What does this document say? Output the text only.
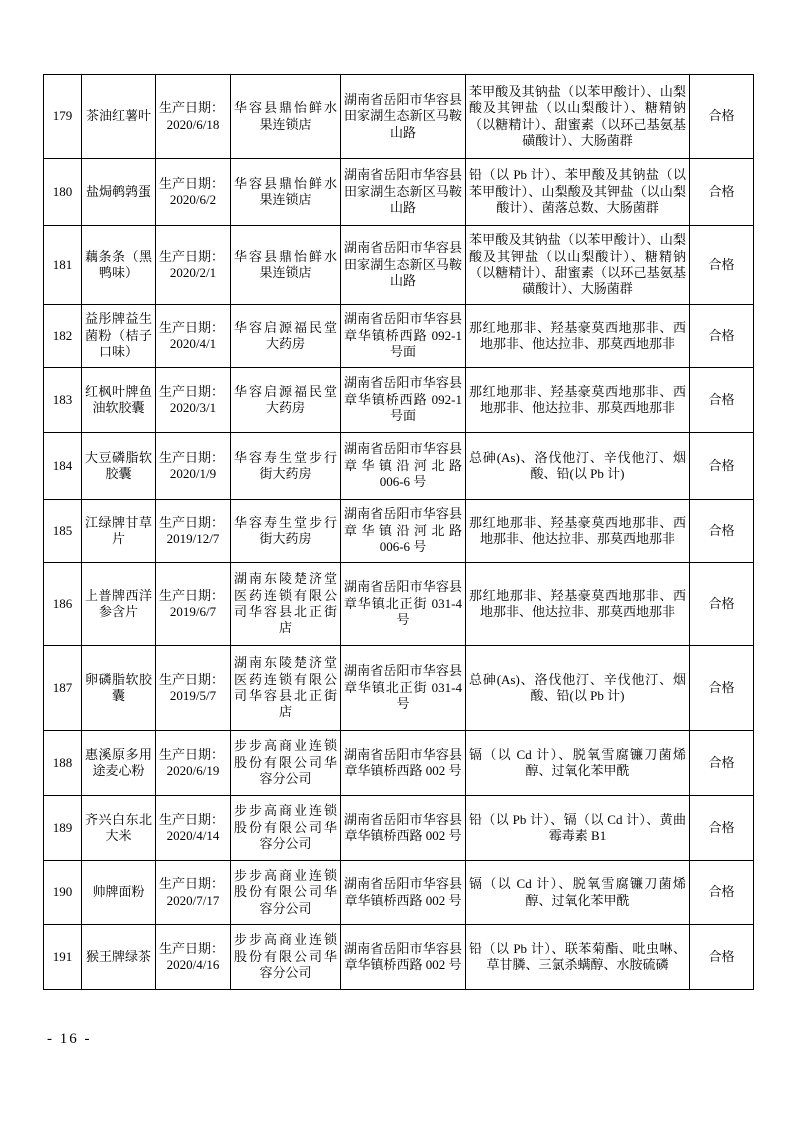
179	茶油红薯叶	生产日期：
2020/6/18	华容县鼎怡鲜水果连锁店	湖南省岳阳市华容县田家湖生态新区马鞍山路	苯甲酸及其钠盐（以苯甲酸计）、山梨酸及其钾盐（以山梨酸计）、糖精钠（以糖精计）、甜蜜素（以环己基氨基磺酸计）、大肠菌群	合格
180	盐焗鹌鹑蛋	生产日期：
2020/6/2	华容县鼎怡鲜水果连锁店	湖南省岳阳市华容县田家湖生态新区马鞍山路	铅（以 Pb 计）、苯甲酸及其钠盐（以苯甲酸计）、山梨酸及其钾盐（以山梨酸计）、菌落总数、大肠菌群	合格
181	藕条条（黑鸭味）	生产日期：
2020/2/1	华容县鼎怡鲜水果连锁店	湖南省岳阳市华容县田家湖生态新区马鞍山路	苯甲酸及其钠盐（以苯甲酸计）、山梨酸及其钾盐（以山梨酸计）、糖精钠（以糖精计）、甜蜜素（以环己基氨基磺酸计）、大肠菌群	合格
182	益彤牌益生菌粉（桔子口味）	生产日期：
2020/4/1	华容启源福民堂大药房	湖南省岳阳市华容县章华镇桥西路 092-1 号面	那红地那非、羟基豪莫西地那非、西地那非、他达拉非、那莫西地那非	合格
183	红枫叶牌鱼油软胶囊	生产日期：
2020/3/1	华容启源福民堂大药房	湖南省岳阳市华容县章华镇桥西路 092-1 号面	那红地那非、羟基豪莫西地那非、西地那非、他达拉非、那莫西地那非	合格
184	大豆磷脂软胶囊	生产日期：
2020/1/9	华容寿生堂步行街大药房	湖南省岳阳市华容县章华镇沿河北路 006-6 号	总砷(As)、洛伐他汀、辛伐他汀、烟酸、铅(以 Pb 计)	合格
185	江绿牌甘草片	生产日期：
2019/12/7	华容寿生堂步行街大药房	湖南省岳阳市华容县章华镇沿河北路 006-6 号	那红地那非、羟基豪莫西地那非、西地那非、他达拉非、那莫西地那非	合格
186	上普牌西洋参含片	生产日期：
2019/6/7	湖南东陵楚济堂医药连锁有限公司华容县北正街店	湖南省岳阳市华容县章华镇北正街 031-4 号	那红地那非、羟基豪莫西地那非、西地那非、他达拉非、那莫西地那非	合格
187	卵磷脂软胶囊	生产日期：
2019/5/7	湖南东陵楚济堂医药连锁有限公司华容县北正街店	湖南省岳阳市华容县章华镇北正街 031-4 号	总砷(As)、洛伐他汀、辛伐他汀、烟酸、铅(以 Pb 计)	合格
188	惠溪原多用途麦心粉	生产日期：
2020/6/19	步步高商业连锁股份有限公司华容分公司	湖南省岳阳市华容县章华镇桥西路 002 号	镉（以 Cd 计）、脱氧雪腐镰刀菌烯醇、过氧化苯甲酰	合格
189	齐兴白东北大米	生产日期：
2020/4/14	步步高商业连锁股份有限公司华容分公司	湖南省岳阳市华容县章华镇桥西路 002 号	铅（以 Pb 计）、镉（以 Cd 计）、黄曲霉毒素 B1	合格
190	帅牌面粉	生产日期：
2020/7/17	步步高商业连锁股份有限公司华容分公司	湖南省岳阳市华容县章华镇桥西路 002 号	镉（以 Cd 计）、脱氧雪腐镰刀菌烯醇、过氧化苯甲酰	合格
191	猴王牌绿茶	生产日期：
2020/4/16	步步高商业连锁股份有限公司华容分公司	湖南省岳阳市华容县章华镇桥西路 002 号	铅（以 Pb 计）、联苯菊酯、吡虫啉、草甘膦、三氯杀螨醇、水胺硫磷	合格
- 16 -
